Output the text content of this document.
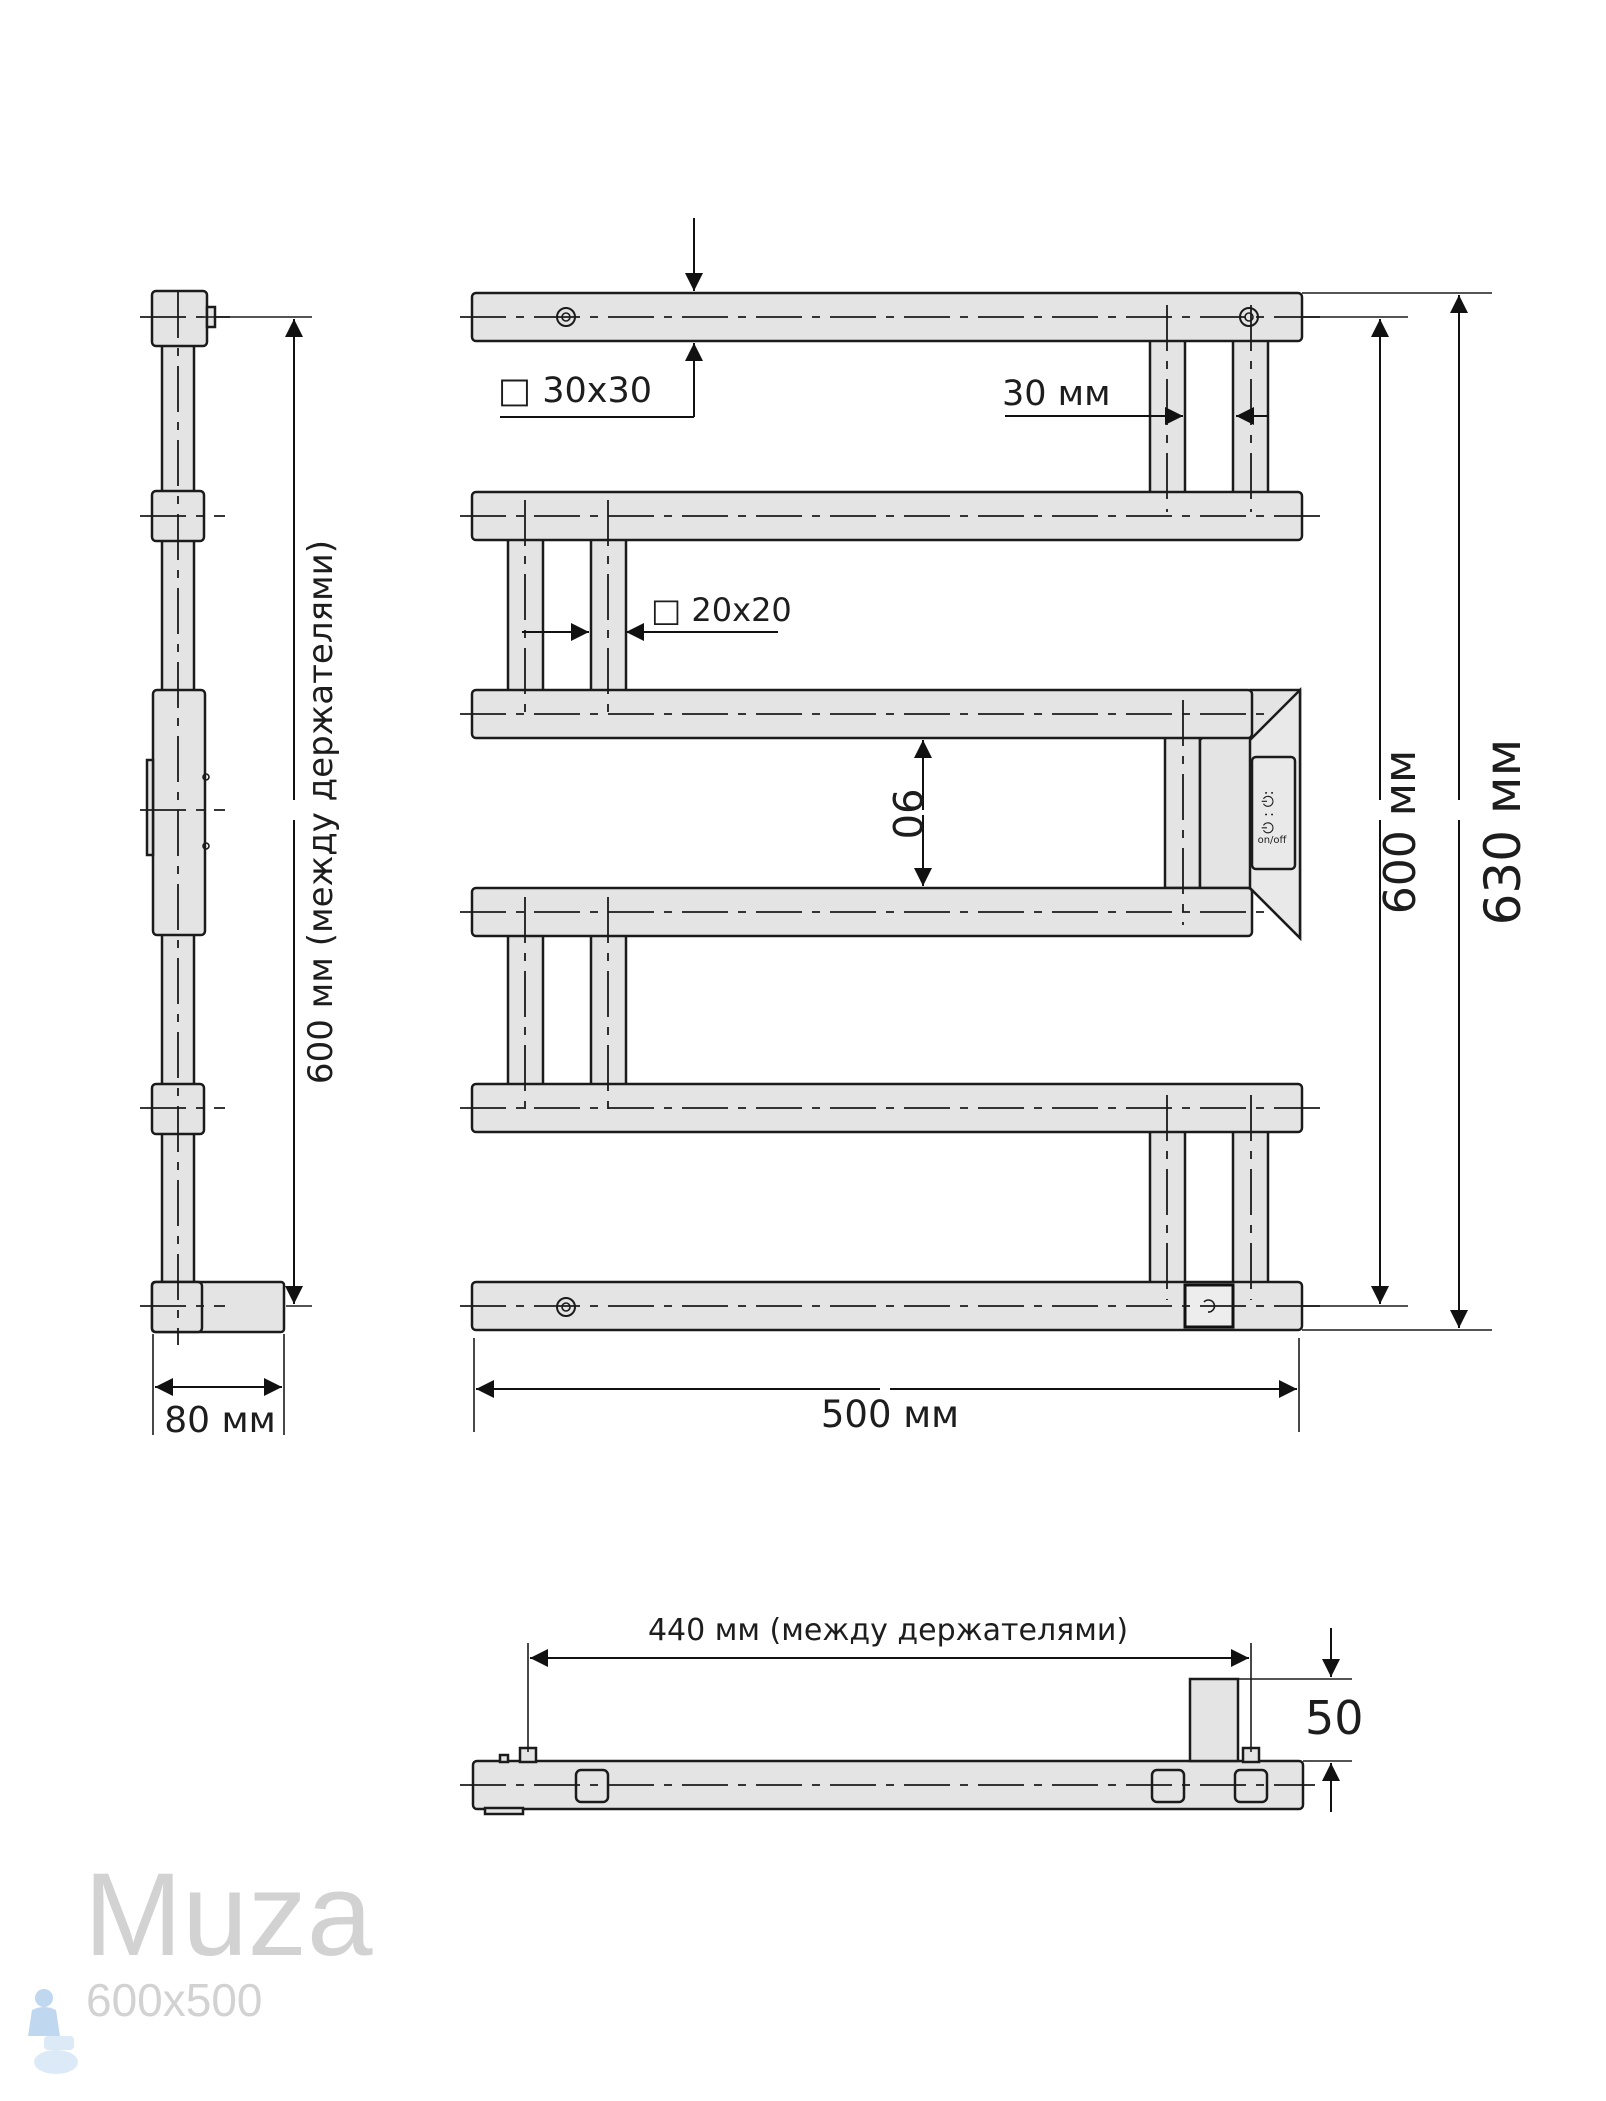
⏻ : ⏻:
on/off
□ 30x30	30 мм
□ 20x20
90	600 мм 630 мм
500 мм
600 мм (между держателями)
80 мм
440 мм (между держателями)
50
Muza
600x500
